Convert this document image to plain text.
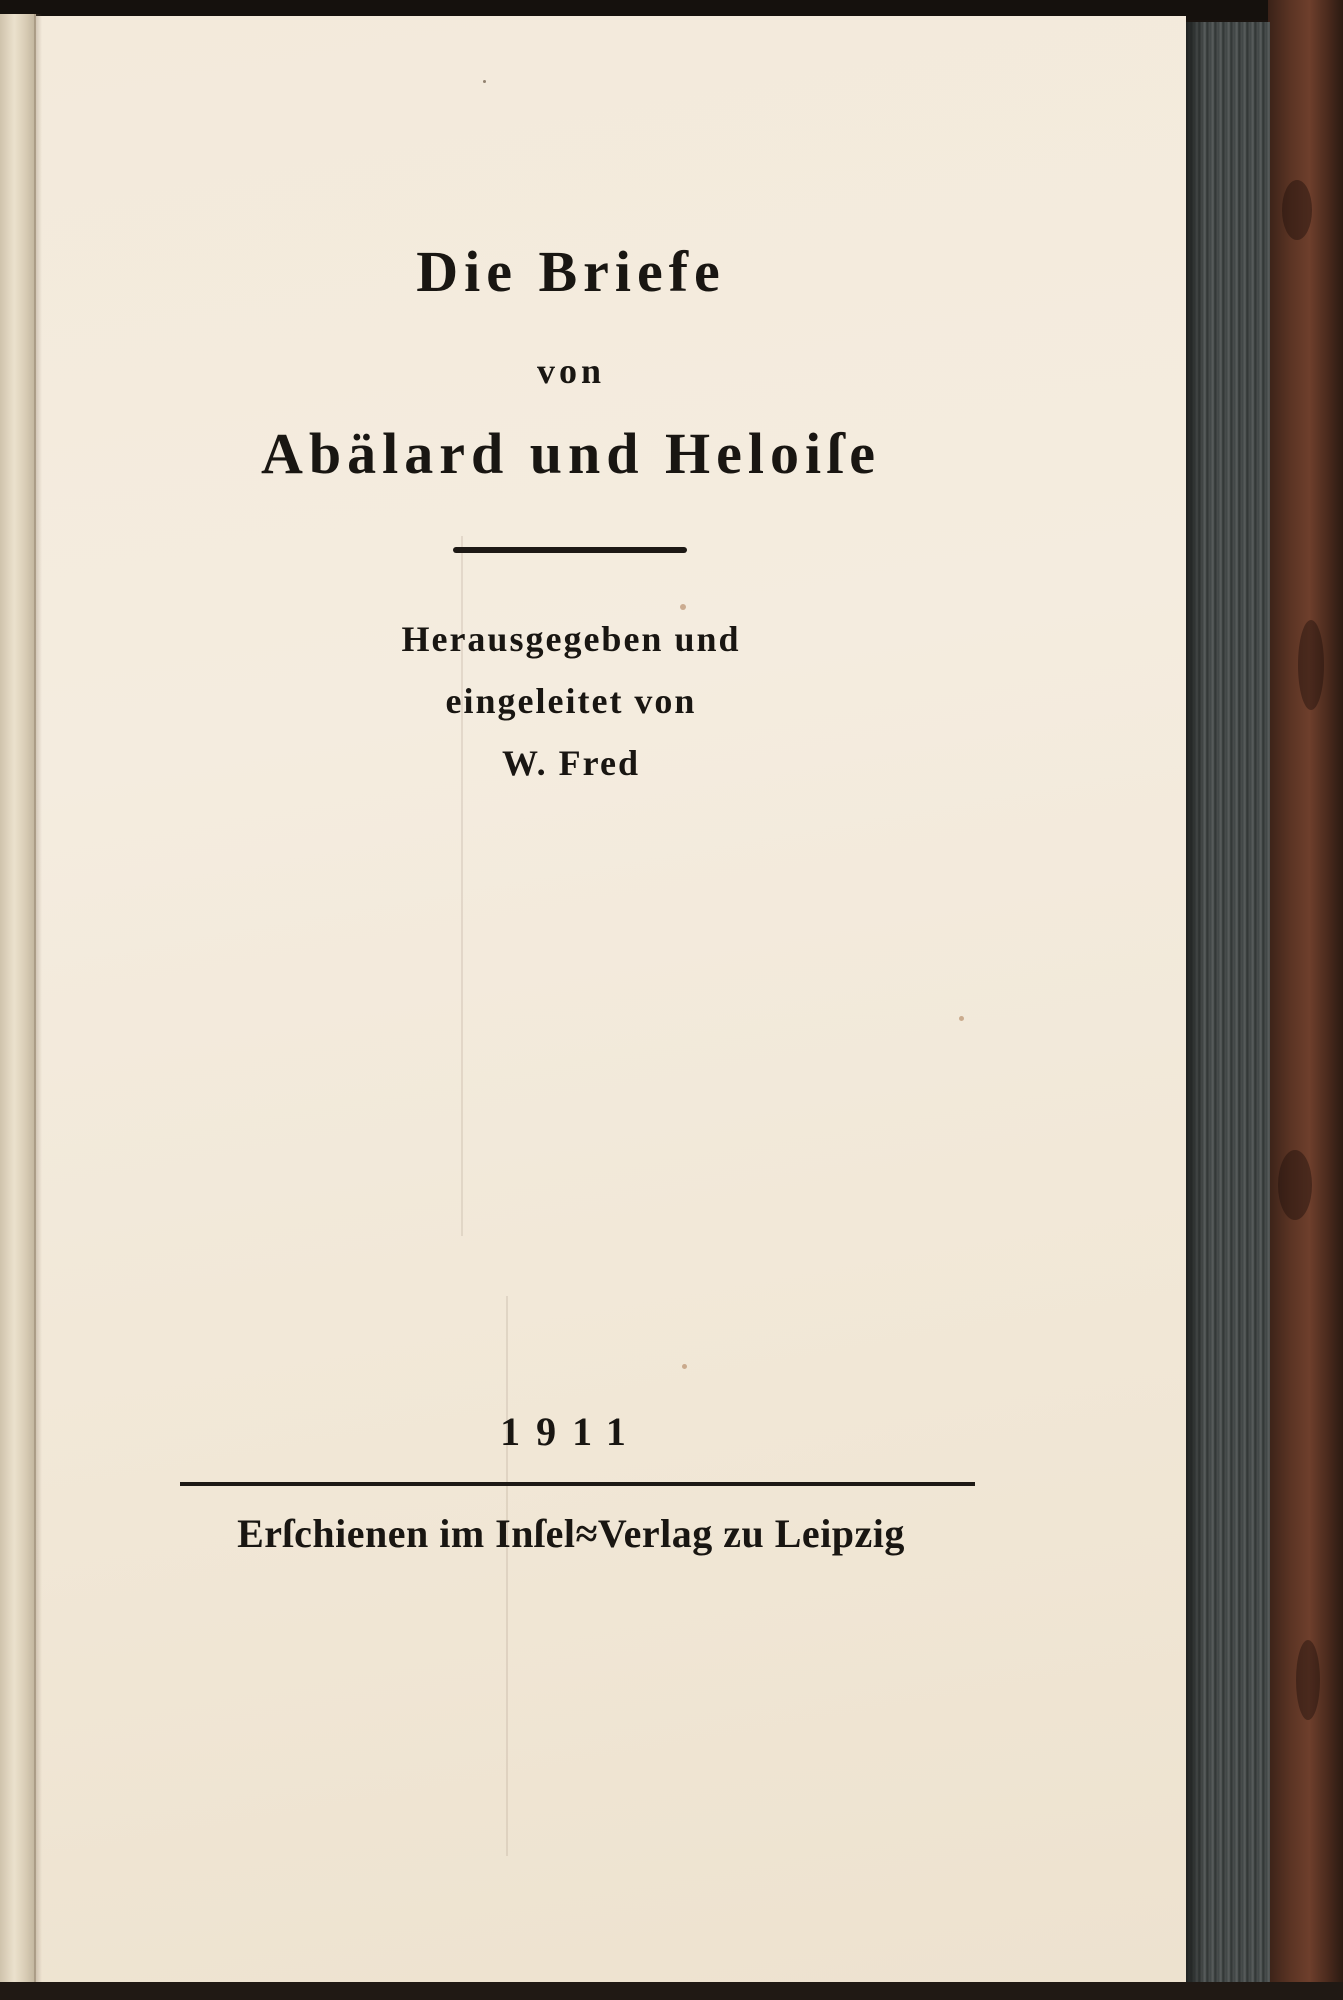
Die Briefe
von
Abälard und Heloiſe
Herausgegeben und
eingeleitet von
W. Fred
1911
Erſchienen im Inſel≈Verlag zu Leipzig
